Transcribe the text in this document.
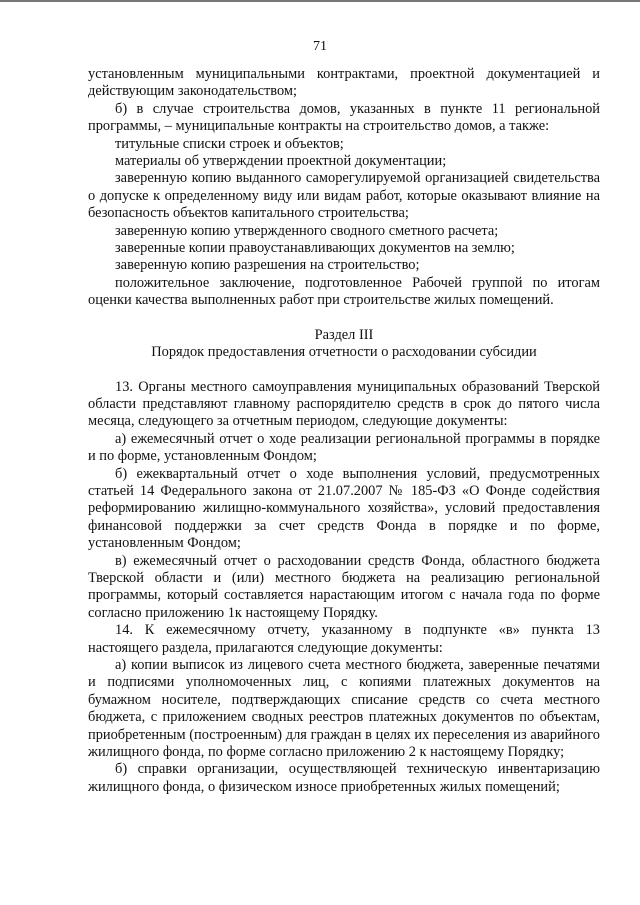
71

установленным муниципальными контрактами, проектной документацией и действующим законодательством;

б) в случае строительства домов, указанных в пункте 11 региональной программы, – муниципальные контракты на строительство домов, а также:

титульные списки строек и объектов;

материалы об утверждении проектной документации;

заверенную копию выданного саморегулируемой организацией свидетельства о допуске к определенному виду или видам работ, которые оказывают влияние на безопасность объектов капитального строительства;

заверенную копию утвержденного сводного сметного расчета;

заверенные копии правоустанавливающих документов на землю;

заверенную копию разрешения на строительство;

положительное заключение, подготовленное Рабочей группой по итогам оценки качества выполненных работ при строительстве жилых помещений.

Раздел III

Порядок предоставления отчетности о расходовании субсидии

13. Органы местного самоуправления муниципальных образований Тверской области представляют главному распорядителю средств в срок до пятого числа месяца, следующего за отчетным периодом, следующие документы:

а) ежемесячный отчет о ходе реализации региональной программы в порядке и по форме, установленным Фондом;

б) ежеквартальный отчет о ходе выполнения условий, предусмотренных статьей 14 Федерального закона от 21.07.2007 № 185-ФЗ «О Фонде содействия реформированию жилищно-коммунального хозяйства», условий предоставления финансовой поддержки за счет средств Фонда в порядке и по форме, установленным Фондом;

в) ежемесячный отчет о расходовании средств Фонда, областного бюджета Тверской области и (или) местного бюджета на реализацию региональной программы, который составляется нарастающим итогом с начала года по форме согласно приложению 1к настоящему Порядку.

14. К ежемесячному отчету, указанному в подпункте «в» пункта 13 настоящего раздела, прилагаются следующие документы:

а) копии выписок из лицевого счета местного бюджета, заверенные печатями и подписями уполномоченных лиц, с копиями платежных документов на бумажном носителе, подтверждающих списание средств со счета местного бюджета, с приложением сводных реестров платежных документов по объектам, приобретенным (построенным) для граждан в целях их переселения из аварийного жилищного фонда, по форме согласно приложению 2 к настоящему Порядку;

б) справки организации, осуществляющей техническую инвентаризацию жилищного фонда, о физическом износе приобретенных жилых помещений;
